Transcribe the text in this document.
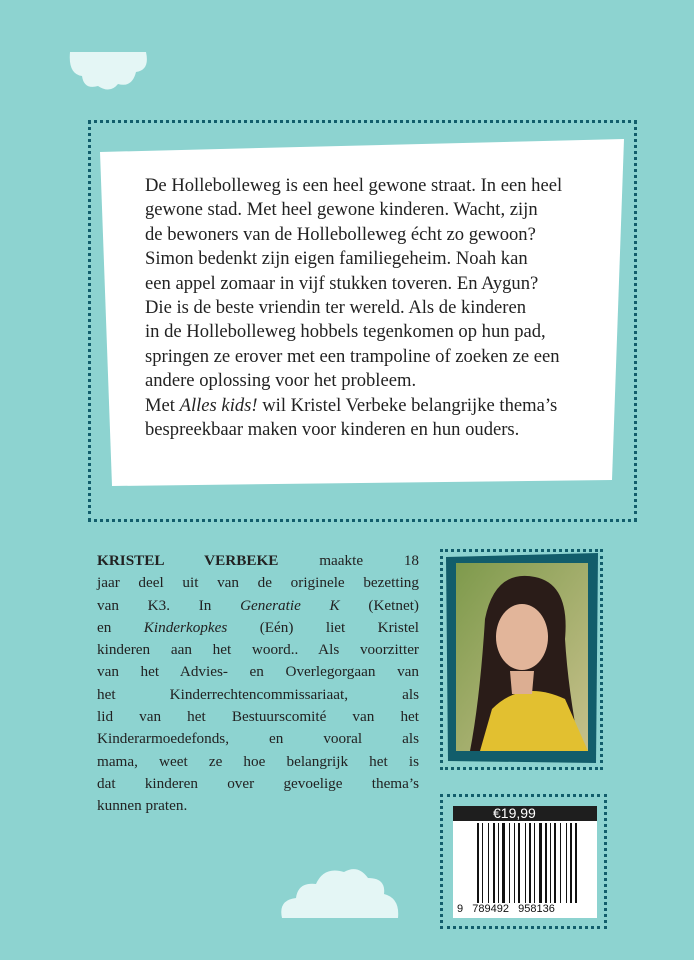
De Hollebolleweg is een heel gewone straat. In een heel
gewone stad. Met heel gewone kinderen. Wacht, zijn
de bewoners van de Hollebolleweg écht zo gewoon?
Simon bedenkt zijn eigen familiegeheim. Noah kan
een appel zomaar in vijf stukken toveren. En Aygun?
Die is de beste vriendin ter wereld. Als de kinderen
in de Hollebolleweg hobbels tegenkomen op hun pad,
springen ze erover met een trampoline of zoeken ze een
andere oplossing voor het probleem.
Met Alles kids! wil Kristel Verbeke belangrijke thema’s
bespreekbaar maken voor kinderen en hun ouders.
KRISTEL VERBEKE maakte 18
jaar deel uit van de originele bezetting
van K3. In Generatie K (Ketnet)
en Kinderkopkes (Eén) liet Kristel
kinderen aan het woord.. Als voorzitter
van het Advies- en Overlegorgaan van
het Kinderrechtencommissariaat, als
lid van het Bestuurscomité van het
Kinderarmoedefonds, en vooral als
mama, weet ze hoe belangrijk het is
dat kinderen over gevoelige thema’s
kunnen praten.	€19,99
9   789492   958136
